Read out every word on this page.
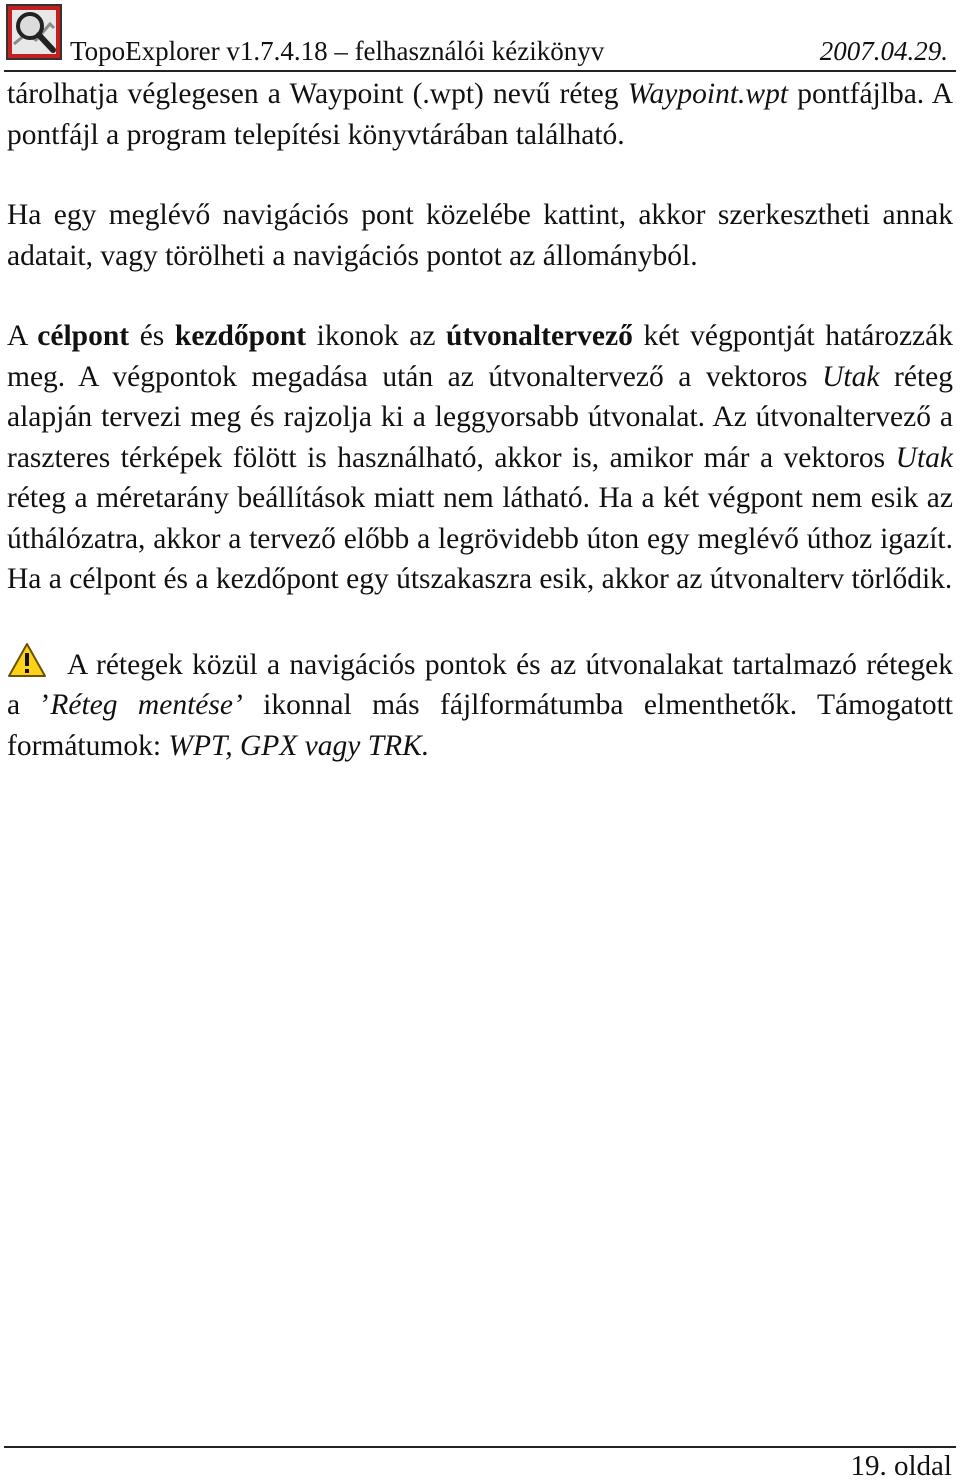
TopoExplorer v1.7.4.18 – felhasználói kézikönyv	2007.04.29.

tárolhatja véglegesen a Waypoint (.wpt) nevű réteg Waypoint.wpt pontfájlba. A pontfájl a program telepítési könyvtárában található.

Ha egy meglévő navigációs pont közelébe kattint, akkor szerkesztheti annak adatait, vagy törölheti a navigációs pontot az állományból.

A célpont és kezdőpont ikonok az útvonaltervező két végpontját határozzák meg. A végpontok megadása után az útvonaltervező a vektoros Utak réteg alapján tervezi meg és rajzolja ki a leggyorsabb útvonalat. Az útvonaltervező a raszteres térképek fölött is használható, akkor is, amikor már a vektoros Utak réteg a méretarány beállítások miatt nem látható. Ha a két végpont nem esik az úthálózatra, akkor a tervező előbb a legrövidebb úton egy meglévő úthoz igazít. Ha a célpont és a kezdőpont egy útszakaszra esik, akkor az útvonalterv törlődik.

A rétegek közül a navigációs pontok és az útvonalakat tartalmazó rétegek a ’Réteg mentése’ ikonnal más fájlformátumba elmenthetők. Támogatott formátumok: WPT, GPX vagy TRK.

19. oldal
